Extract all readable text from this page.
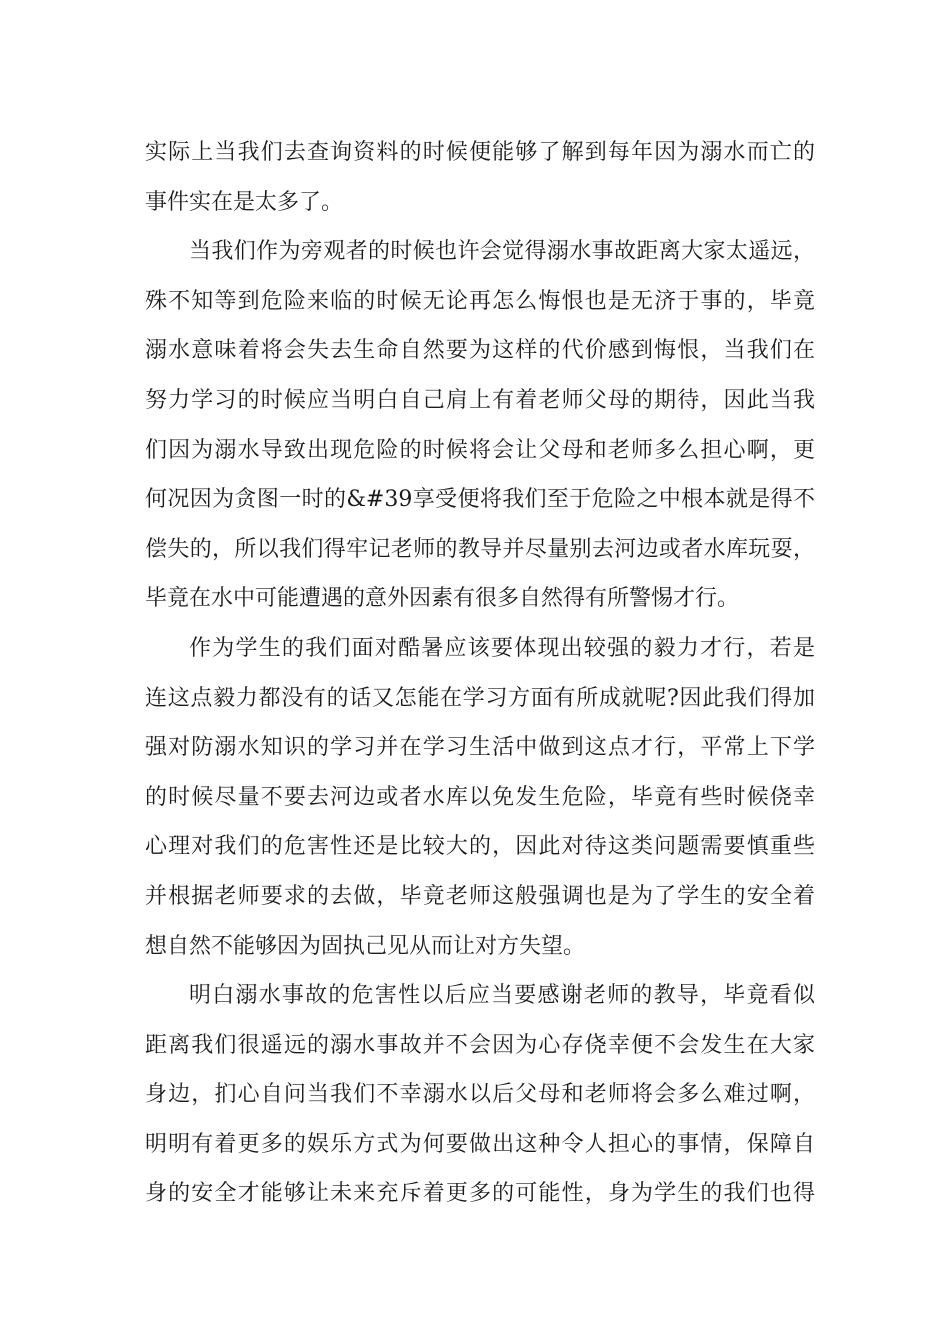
实际上当我们去查询资料的时候便能够了解到每年因为溺水而亡的
事件实在是太多了。
当我们作为旁观者的时候也许会觉得溺水事故距离大家太遥远，
殊不知等到危险来临的时候无论再怎么悔恨也是无济于事的，毕竟
溺水意味着将会失去生命自然要为这样的代价感到悔恨，当我们在
努力学习的时候应当明白自己肩上有着老师父母的期待，因此当我
们因为溺水导致出现危险的时候将会让父母和老师多么担心啊，更
何况因为贪图一时的&#39享受便将我们至于危险之中根本就是得不
偿失的，所以我们得牢记老师的教导并尽量别去河边或者水库玩耍，
毕竟在水中可能遭遇的意外因素有很多自然得有所警惕才行。
作为学生的我们面对酷暑应该要体现出较强的毅力才行，若是
连这点毅力都没有的话又怎能在学习方面有所成就呢?因此我们得加
强对防溺水知识的学习并在学习生活中做到这点才行，平常上下学
的时候尽量不要去河边或者水库以免发生危险，毕竟有些时候侥幸
心理对我们的危害性还是比较大的，因此对待这类问题需要慎重些
并根据老师要求的去做，毕竟老师这般强调也是为了学生的安全着
想自然不能够因为固执己见从而让对方失望。
明白溺水事故的危害性以后应当要感谢老师的教导，毕竟看似
距离我们很遥远的溺水事故并不会因为心存侥幸便不会发生在大家
身边，扪心自问当我们不幸溺水以后父母和老师将会多么难过啊，
明明有着更多的娱乐方式为何要做出这种令人担心的事情，保障自
身的安全才能够让未来充斥着更多的可能性，身为学生的我们也得
